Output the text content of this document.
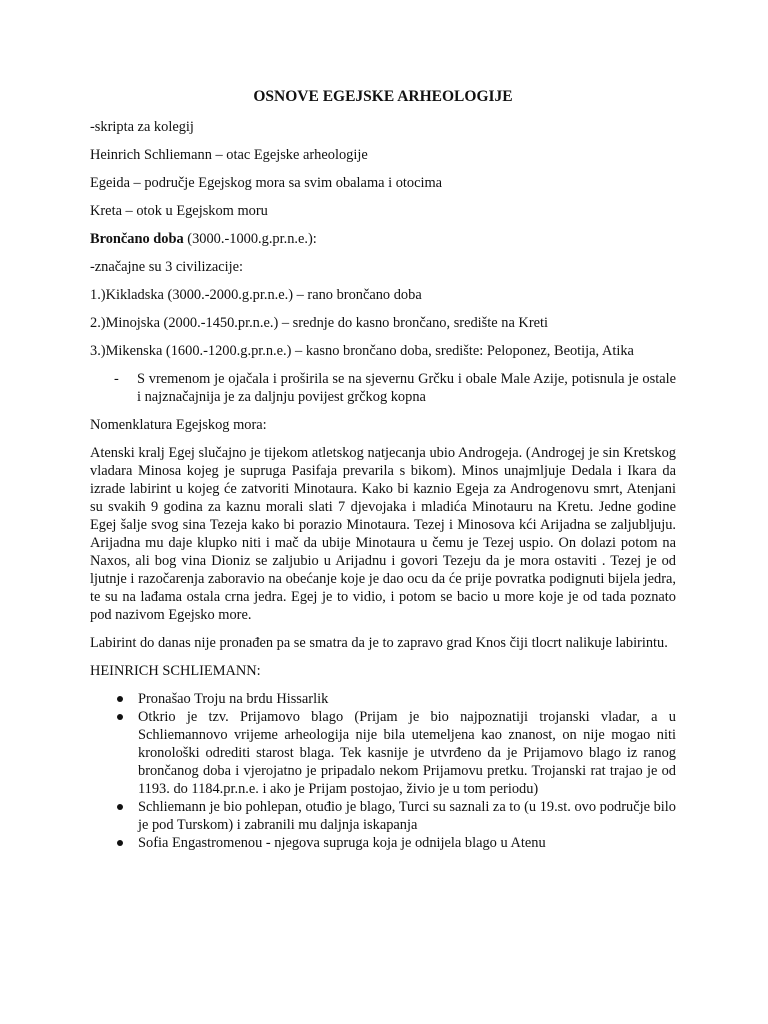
OSNOVE EGEJSKE ARHEOLOGIJE

-skripta za kolegij

Heinrich Schliemann – otac Egejske arheologije

Egeida – područje Egejskog mora sa svim obalama i otocima

Kreta – otok u Egejskom moru

Brončano doba (3000.-1000.g.pr.n.e.):

-značajne su 3 civilizacije:

1.)Kikladska (3000.-2000.g.pr.n.e.) – rano brončano doba

2.)Minojska (2000.-1450.pr.n.e.) – srednje do kasno brončano, središte na Kreti

3.)Mikenska (1600.-1200.g.pr.n.e.) – kasno brončano doba, središte: Peloponez, Beotija, Atika

- S vremenom je ojačala i proširila se na sjevernu Grčku i obale Male Azije, potisnula je ostale i najznačajnija je za daljnju povijest grčkog kopna

Nomenklatura Egejskog mora:

Atenski kralj Egej slučajno je tijekom atletskog natjecanja ubio Androgeja. (Androgej je sin Kretskog vladara Minosa kojeg je supruga Pasifaja prevarila s bikom). Minos unajmljuje Dedala i Ikara da izrade labirint u kojeg će zatvoriti Minotaura. Kako bi kaznio Egeja za Androgenovu smrt, Atenjani su svakih 9 godina za kaznu morali slati 7 djevojaka i mladića Minotauru na Kretu. Jedne godine Egej šalje svog sina Tezeja kako bi porazio Minotaura. Tezej i Minosova kći Arijadna se zaljubljuju. Arijadna mu daje klupko niti i mač da ubije Minotaura u čemu je Tezej uspio. On dolazi potom na Naxos, ali bog vina Dioniz se zaljubio u Arijadnu i govori Tezeju da je mora ostaviti . Tezej je od ljutnje i razočarenja zaboravio na obećanje koje je dao ocu da će prije povratka podignuti bijela jedra, te su na lađama ostala crna jedra. Egej je to vidio, i potom se bacio u more koje je od tada poznato pod nazivom Egejsko more.

Labirint do danas nije pronađen pa se smatra da je to zapravo grad Knos čiji tlocrt nalikuje labirintu.

HEINRICH SCHLIEMANN:

Pronašao Troju na brdu Hissarlik
Otkrio je tzv. Prijamovo blago (Prijam je bio najpoznatiji trojanski vladar, a u Schliemannovo vrijeme arheologija nije bila utemeljena kao znanost, on nije mogao niti kronološki odrediti starost blaga. Tek kasnije je utvrđeno da je Prijamovo blago iz ranog brončanog doba i vjerojatno je pripadalo nekom Prijamovu pretku. Trojanski rat trajao je od 1193. do 1184.pr.n.e. i ako je Prijam postojao, živio je u tom periodu)
Schliemann je bio pohlepan, otuđio je blago, Turci su saznali za to (u 19.st. ovo područje bilo je pod Turskom) i zabranili mu daljnja iskapanja
Sofia Engastromenou - njegova supruga koja je odnijela blago u Atenu
